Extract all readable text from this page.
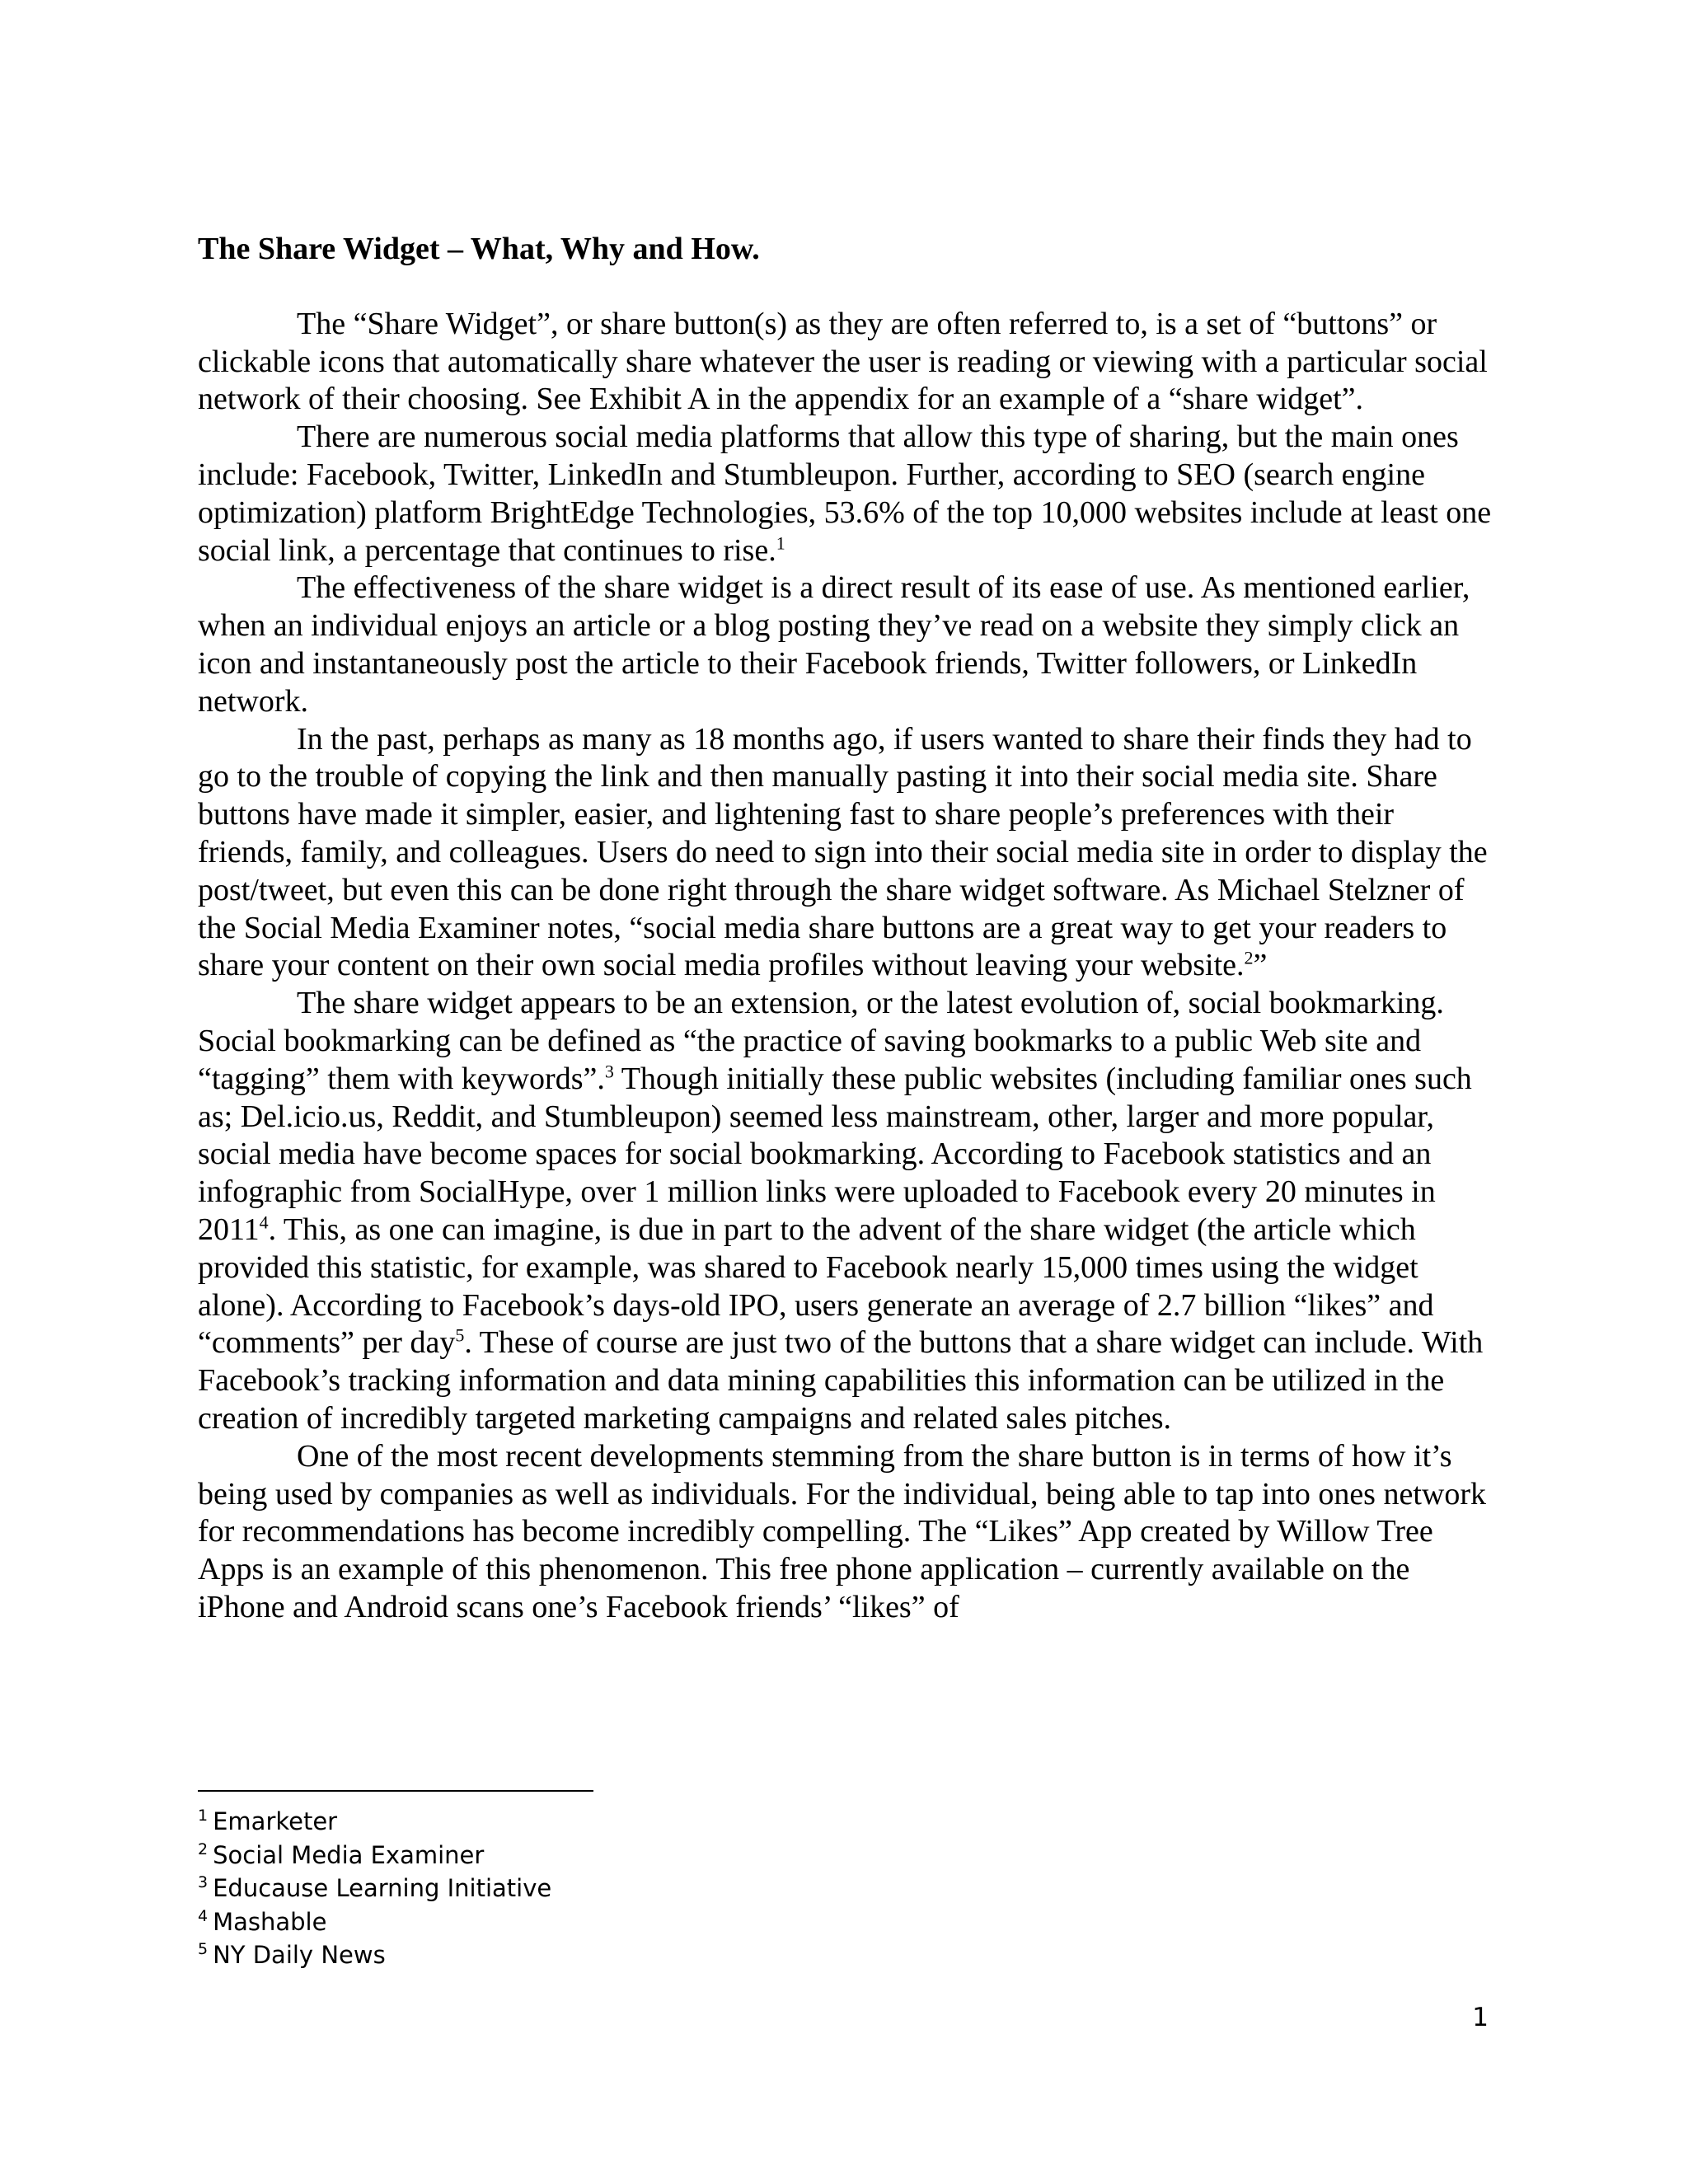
The Share Widget – What, Why and How.

The “Share Widget”, or share button(s) as they are often referred to, is a set of “buttons” or clickable icons that automatically share whatever the user is reading or viewing with a particular social network of their choosing. See Exhibit A in the appendix for an example of a “share widget”.

There are numerous social media platforms that allow this type of sharing, but the main ones include: Facebook, Twitter, LinkedIn and Stumbleupon. Further, according to SEO (search engine optimization) platform BrightEdge Technologies, 53.6% of the top 10,000 websites include at least one social link, a percentage that continues to rise.$^1$

The effectiveness of the share widget is a direct result of its ease of use. As mentioned earlier, when an individual enjoys an article or a blog posting they’ve read on a website they simply click an icon and instantaneously post the article to their Facebook friends, Twitter followers, or LinkedIn network.

In the past, perhaps as many as 18 months ago, if users wanted to share their finds they had to go to the trouble of copying the link and then manually pasting it into their social media site. Share buttons have made it simpler, easier, and lightening fast to share people’s preferences with their friends, family, and colleagues. Users do need to sign into their social media site in order to display the post/tweet, but even this can be done right through the share widget software. As Michael Stelzner of the Social Media Examiner notes, “social media share buttons are a great way to get your readers to share your content on their own social media profiles without leaving your website.$^2$”

The share widget appears to be an extension, or the latest evolution of, social bookmarking. Social bookmarking can be defined as “the practice of saving bookmarks to a public Web site and “tagging” them with keywords”.$^3$ Though initially these public websites (including familiar ones such as; Del.icio.us, Reddit, and Stumbleupon) seemed less mainstream, other, larger and more popular, social media have become spaces for social bookmarking. According to Facebook statistics and an infographic from SocialHype, over 1 million links were uploaded to Facebook every 20 minutes in 2011$^4$. This, as one can imagine, is due in part to the advent of the share widget (the article which provided this statistic, for example, was shared to Facebook nearly 15,000 times using the widget alone). According to Facebook’s days-old IPO, users generate an average of 2.7 billion “likes” and “comments” per day$^5$. These of course are just two of the buttons that a share widget can include. With Facebook’s tracking information and data mining capabilities this information can be utilized in the creation of incredibly targeted marketing campaigns and related sales pitches.

One of the most recent developments stemming from the share button is in terms of how it’s being used by companies as well as individuals. For the individual, being able to tap into ones network for recommendations has become incredibly compelling. The “Likes” App created by Willow Tree Apps is an example of this phenomenon. This free phone application – currently available on the iPhone and Android scans one’s Facebook friends’ “likes” of

$^1$ Emarketer

$^2$ Social Media Examiner

$^3$ Educause Learning Initiative

$^4$ Mashable

$^5$ NY Daily News

1
